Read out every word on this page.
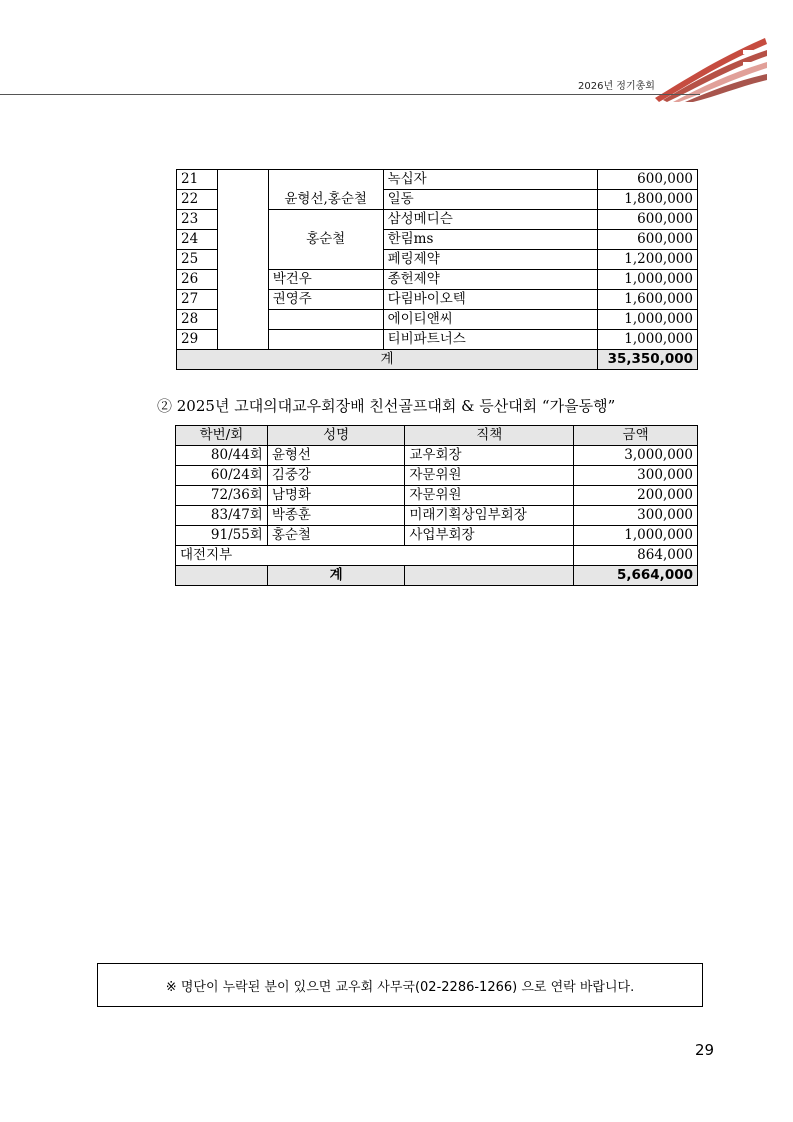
2026년 정기총회
21			녹십자	600,000
22		윤형선,홍순철	일동	1,800,000
23		홍순철	삼성메디슨	600,000
24			한림ms	600,000
25			페링제약	1,200,000
26		박건우	종헌제약	1,000,000
27		권영주	다림바이오텍	1,600,000
28			에이티앤씨	1,000,000
29			티비파트너스	1,000,000
계				35,350,000
② 2025년 고대의대교우회장배 친선골프대회 & 등산대회 “가을동행”
학번/회	성명	직책	금액
80/44회	윤형선	교우회장	3,000,000
60/24회	김중강	자문위원	300,000
72/36회	남명화	자문위원	200,000
83/47회	박종훈	미래기획상임부회장	300,000
91/55회	홍순철	사업부회장	1,000,000
대전지부			864,000
	계		5,664,000
※ 명단이 누락된 분이 있으면 교우회 사무국(02-2286-1266) 으로 연락 바랍니다.
29
